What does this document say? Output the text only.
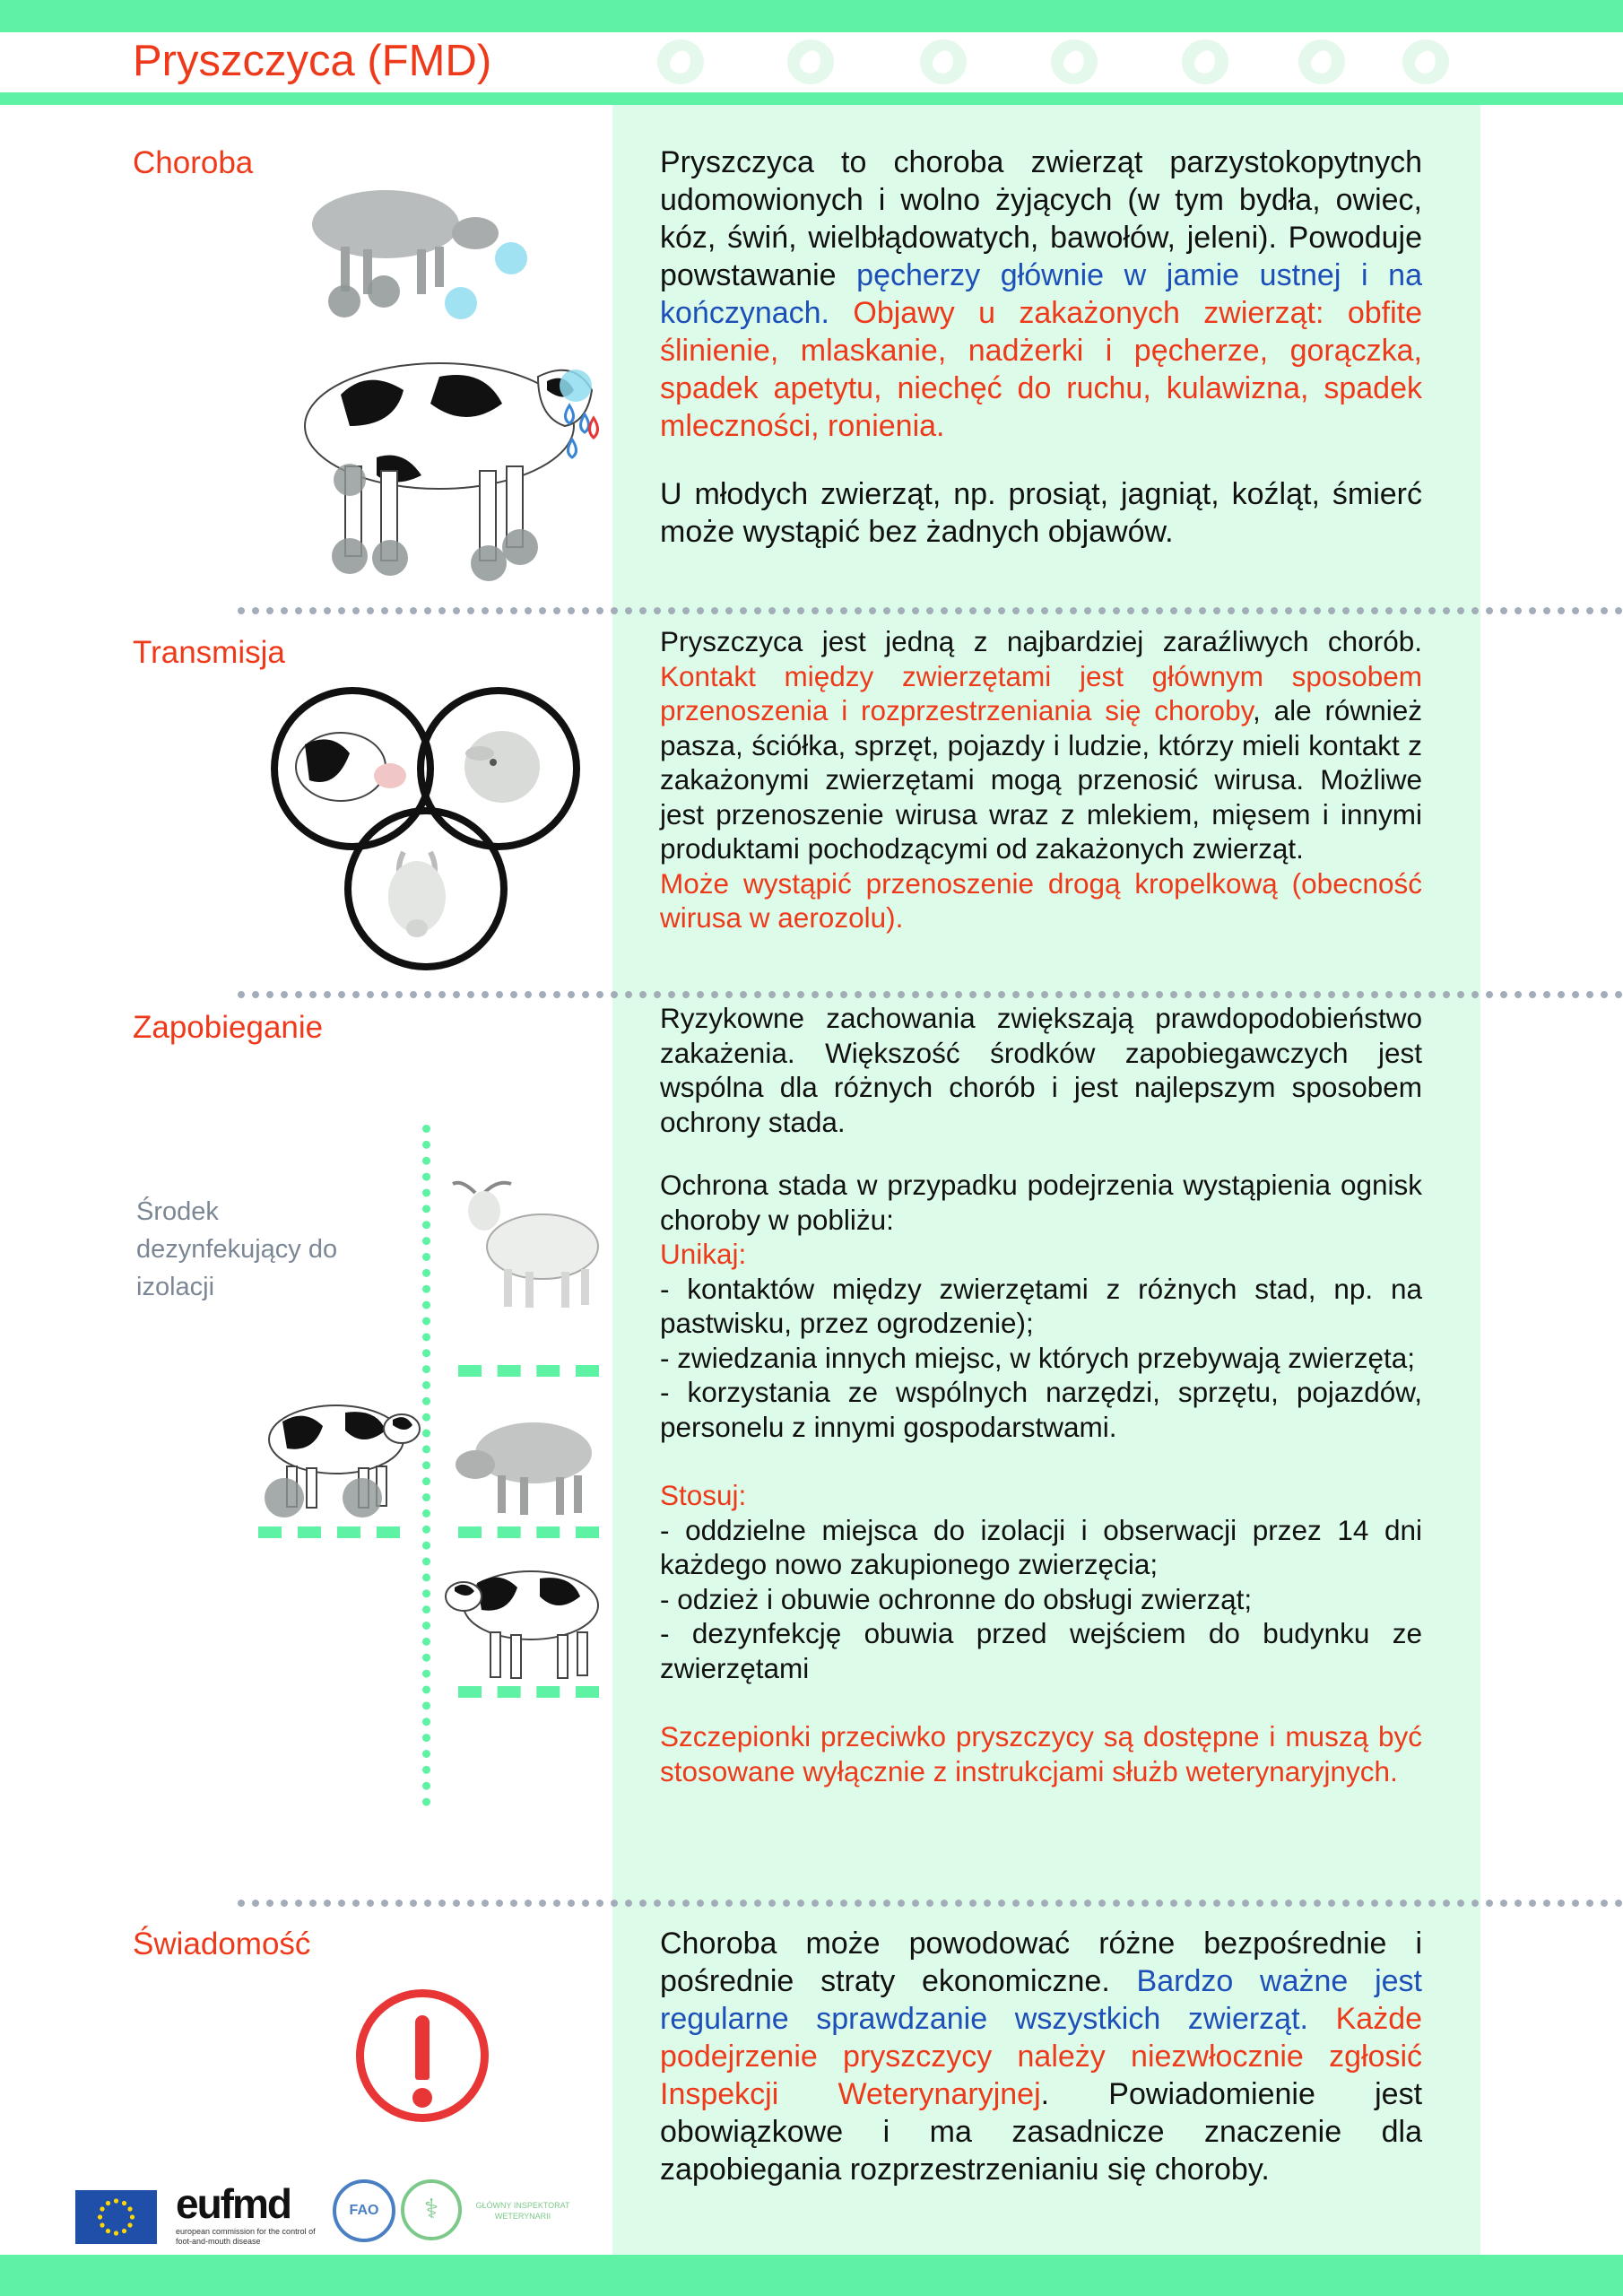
Pryszczyca (FMD)
Choroba	Pryszczyca to choroba zwierząt parzystokopytnych udomowionych i wolno żyjących (w tym bydła, owiec, kóz, świń, wielbłądowatych, bawołów, jeleni). Powoduje powstawanie pęcherzy głównie w jamie ustnej i na kończynach. Objawy u zakażonych zwierząt: obfite ślinienie, mlaskanie, nadżerki i pęcherze, gorączka, spadek apetytu, niechęć do ruchu, kulawizna, spadek mleczności, ronienia.

U młodych zwierząt, np. prosiąt, jagniąt, koźląt, śmierć może wystąpić bez żadnych objawów.

Transmisja	Pryszczyca jest jedną z najbardziej zaraźliwych chorób. Kontakt między zwierzętami jest głównym sposobem przenoszenia i rozprzestrzeniania się choroby, ale również pasza, ściółka, sprzęt, pojazdy i ludzie, którzy mieli kontakt z zakażonymi zwierzętami mogą przenosić wirusa. Możliwe jest przenoszenie wirusa wraz z mlekiem, mięsem i innymi produktami pochodzącymi od zakażonych zwierząt.

Może wystąpić przenoszenie drogą kropelkową (obecność wirusa w aerozolu).

Zapobieganie
Środek dezynfekujący do izolacji

Ryzykowne zachowania zwiększają prawdopodobieństwo zakażenia. Większość środków zapobiegawczych jest wspólna dla różnych chorób i jest najlepszym sposobem ochrony stada.

Ochrona stada w przypadku podejrzenia wystąpienia ognisk choroby w pobliżu:

Unikaj:

- kontaktów między zwierzętami z różnych stad, np. na pastwisku, przez ogrodzenie);

- zwiedzania innych miejsc, w których przebywają zwierzęta;

- korzystania ze wspólnych narzędzi, sprzętu, pojazdów, personelu z innymi gospodarstwami.

Stosuj:

- oddzielne miejsca do izolacji i obserwacji przez 14 dni każdego nowo zakupionego zwierzęcia;

- odzież i obuwie ochronne do obsługi zwierząt;

- dezynfekcję obuwia przed wejściem do budynku ze zwierzętami

Szczepionki przeciwko pryszczycy są dostępne i muszą być stosowane wyłącznie z instrukcjami służb weterynaryjnych.

Świadomość	Choroba może powodować różne bezpośrednie i pośrednie straty ekonomiczne. Bardzo ważne jest regularne sprawdzanie wszystkich zwierząt. Każde podejrzenie pryszczycy należy niezwłocznie zgłosić Inspekcji Weterynaryjnej. Powiadomienie jest obowiązkowe i ma zasadnicze znaczenie dla zapobiegania rozprzestrzenianiu się choroby.

eufmd
european commission for the control of foot-and-mouth disease
FAO	⚕	GŁÓWNY INSPEKTORAT WETERYNARII
